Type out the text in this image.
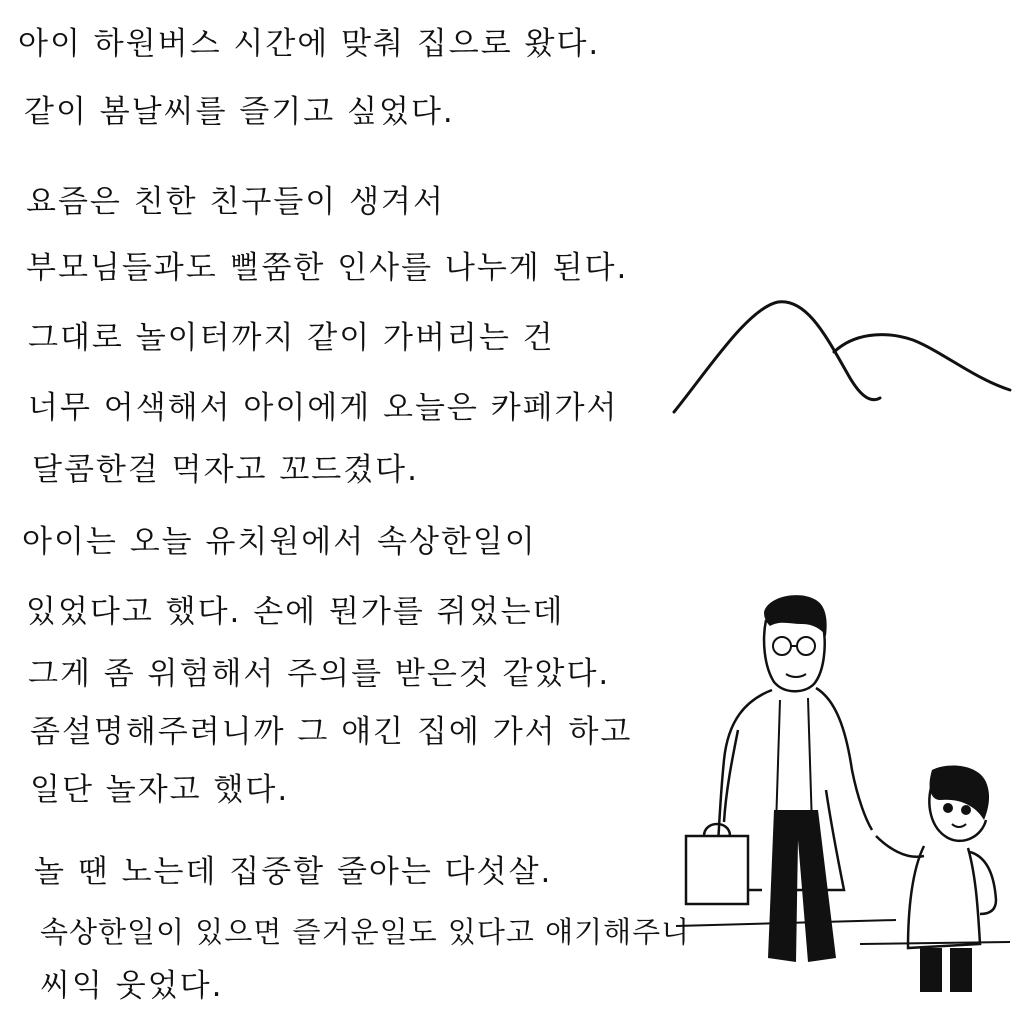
아이 하원버스 시간에 맞춰 집으로 왔다.
같이 봄날씨를 즐기고 싶었다.
요즘은 친한 친구들이 생겨서
부모님들과도 뻘쭘한 인사를 나누게 된다.
그대로 놀이터까지 같이 가버리는 건
너무 어색해서 아이에게 오늘은 카페가서
달콤한걸 먹자고 꼬드겼다.
아이는 오늘 유치원에서 속상한일이
있었다고 했다. 손에 뭔가를 쥐었는데
그게 좀 위험해서 주의를 받은것 같았다.
좀설명해주려니까 그 얘긴 집에 가서 하고
일단 놀자고 했다.
놀 땐 노는데 집중할 줄아는 다섯살.
속상한일이 있으면 즐거운일도 있다고 얘기해주니
씨익 웃었다.
